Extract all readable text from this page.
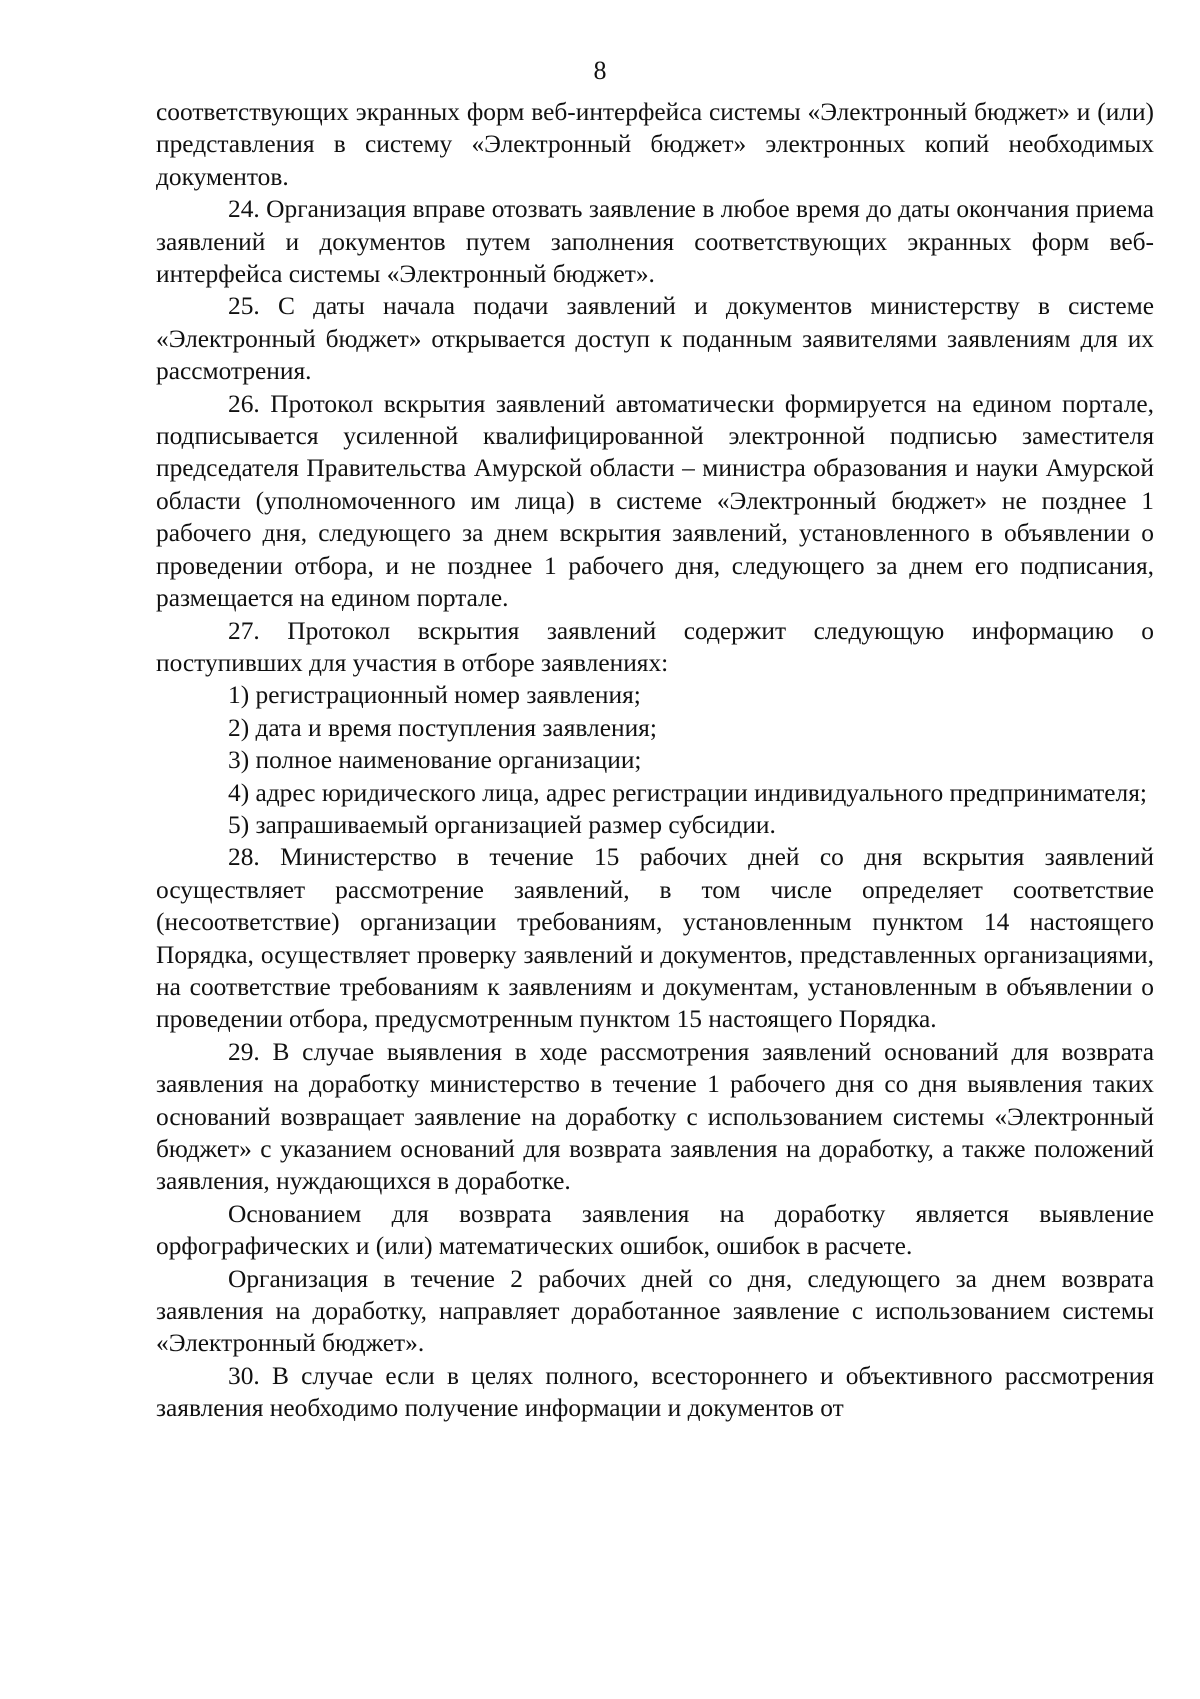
8

соответствующих экранных форм веб-интерфейса системы «Электронный бюджет» и (или) представления в систему «Электронный бюджет» электронных копий необходимых документов.

24. Организация вправе отозвать заявление в любое время до даты окончания приема заявлений и документов путем заполнения соответствующих экранных форм веб-интерфейса системы «Электронный бюджет».

25. С даты начала подачи заявлений и документов министерству в системе «Электронный бюджет» открывается доступ к поданным заявителями заявлениям для их рассмотрения.

26. Протокол вскрытия заявлений автоматически формируется на едином портале, подписывается усиленной квалифицированной электронной подписью заместителя председателя Правительства Амурской области – министра образования и науки Амурской области (уполномоченного им лица) в системе «Электронный бюджет» не позднее 1 рабочего дня, следующего за днем вскрытия заявлений, установленного в объявлении о проведении отбора, и не позднее 1 рабочего дня, следующего за днем его подписания, размещается на едином портале.

27. Протокол вскрытия заявлений содержит следующую информацию о поступивших для участия в отборе заявлениях:

1) регистрационный номер заявления;

2) дата и время поступления заявления;

3) полное наименование организации;

4) адрес юридического лица, адрес регистрации индивидуального предпринимателя;

5) запрашиваемый организацией размер субсидии.

28. Министерство в течение 15 рабочих дней со дня вскрытия заявлений осуществляет рассмотрение заявлений, в том числе определяет соответствие (несоответствие) организации требованиям, установленным пунктом 14 настоящего Порядка, осуществляет проверку заявлений и документов, представленных организациями, на соответствие требованиям к заявлениям и документам, установленным в объявлении о проведении отбора, предусмотренным пунктом 15 настоящего Порядка.

29. В случае выявления в ходе рассмотрения заявлений оснований для возврата заявления на доработку министерство в течение 1 рабочего дня со дня выявления таких оснований возвращает заявление на доработку с использованием системы «Электронный бюджет» с указанием оснований для возврата заявления на доработку, а также положений заявления, нуждающихся в доработке.

Основанием для возврата заявления на доработку является выявление орфографических и (или) математических ошибок, ошибок в расчете.

Организация в течение 2 рабочих дней со дня, следующего за днем возврата заявления на доработку, направляет доработанное заявление с использованием системы «Электронный бюджет».

30. В случае если в целях полного, всестороннего и объективного рассмотрения заявления необходимо получение информации и документов от
